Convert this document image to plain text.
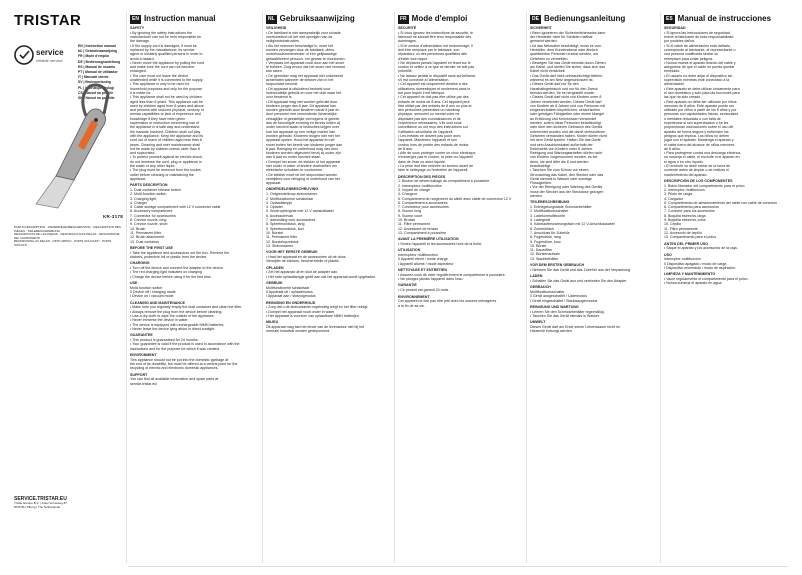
TRISTAR
service
reliable service

EN | Instruction manual

NL | Gebruiksaanwijzing

FR | Mode d'emploi

DE | Bedienungsanleitung

ES | Manual de usuario

PT | Manual de utilizador

IT | Manuale utente

SV | Bruksanvisning

PL | Instrukcja obsługi

CS | Návod na použití

SK | Návod na použitie

KR-3178

PARTS DESCRIPTION · ONDERDELENBESCHRIJVING · DESCRIPTION DES PIÈCES · TEILEBESCHREIBUNG ·

DESCRIPCIÓN DE LAS PIEZAS · DESCRIÇÃO DAS PEÇAS · DESCRIZIONE DEI COMPONENTI ·

BESKRIVNING AV DELAR · OPIS CZĘŚCI · POPIS SOUČÁSTÍ · POPIS SÚČASTÍ

SERVICE.TRISTAR.EU

Tristar Europe B.V. | Jules Verneweg 87

5015 BH Tilburg | The Netherlands

EN Instruction manual
SAFETY

• By ignoring the safety instructions the

manufacturer can not be held responsible for

the damage.

• If the supply cord is damaged, it must be

replaced by the manufacturer, its service

agent or similarly qualified persons in order to

avoid a hazard.

• Never move the appliance by pulling the cord

and make sure the cord can not become

entangled.

• The user must not leave the device

unattended while it is connected to the supply.

• This appliance is only to be used for

household purposes and only for the purpose

it is made for.

• This appliance shall not be used by children

aged less than 8 years. This appliance can be

used by children aged from 8 years and above

and persons with reduced physical, sensory or

mental capabilities or lack of experience and

knowledge if they have been given

supervision or instruction concerning use of

the appliance in a safe way and understand

the hazards involved. Children shall not play

with the appliance. Keep the appliance and its

cord out of reach of children aged less than 8

years. Cleaning and user maintenance shall

not be made by children unless older than 8

and supervised.

• To protect yourself against an electric shock,

do not immerse the cord, plug or appliance in

the water or any other liquid.

• The plug must be removed from the socket-

outlet before cleaning or maintaining the

appliance.

PARTS DESCRIPTION

1. Dust container release button

2. Multi-function switch

3. Charging light

4. Charger

5. Cable storage compartment with 12 V connector cable

6. Accessory compartment

7. Connector for accessories

8. Crevice nozzle, long

9. Crevice nozzle, short

10. Brush

11. Permanent filter

12. Brush attachment

13. Dust container

BEFORE THE FIRST USE

• Take the appliance and accessoires out the box. Remove the

stickers, protective foil or plastic from the device.

CHARGING

• Turn off the device and connect the adapter to the device.

• The red charging light indicates on charging

• Charge the device before using it for the first time.

USE

Multi-function switch

0 Device off / charging mode

I Device on / vacuum mode

CLEANING AND MAINTENANCE

• Make sure you regularly empty the dust container and clean the filter.

• Always remove the plug from the device before cleaning.

• Use a dry cloth to wipe the outside of the appliance.

• Never immerse the device in water.

• The device is equipped with rechargeable NiMH batteries.

• Never leave the device lying about in direct sunlight.

GUARANTEE

• This product is guaranteed for 24 months.

• Your guarantee is valid if the product is used in accordance with the

instructions and for the purpose for which it was created.

ENVIRONMENT

This appliance should not be put into the domestic garbage at

the end of its durability, but must be offered at a central point for the

recycling of electric and electronic domestic appliances.

SUPPORT

You can find all available information and spare parts at

service.tristar.eu!

NL Gebruiksaanwijzing
VEILIGHEID

• De fabrikant is niet aansprakelijk voor schade

voortvloeiend uit het niet opvolgen van de

veiligheidsinstructies.

• Als het netsnoer beschadigd is, moet het

worden vervangen door de fabrikant, diens

onderhoudsmedewerker of een gelijkaardige

gekwalificeerd persoon, om gevaar te voorkomen.

• Verplaats het apparaat nooit door aan het snoer

te trekken. Zorg ervoor dat het snoer niet verward

kan raken.

• De gebruiker mag het apparaat niet onbeheerd

achterlaten wanneer de stekker zich in het

stopcontact bevindt.

• Dit apparaat is uitsluitend bedoeld voor

huishoudelijk gebruik en voor het doel waar het

voor bestemd is.

• Dit apparaat mag niet worden gebruikt door

kinderen jonger dan 8 jaar. Dit apparaat kan

worden gebruikt door kinderen vanaf 8 jaar en

door personen met verminderde lichamelijke,

zintuiglijke of geestelijke vermogens of gebrek

aan de benodigde ervaring en kennis indien zij

onder toezicht staan of instructies krijgen over

hoe het apparaat op een veilige manier kan

worden gebruikt. Kinderen mogen niet met het

apparaat spelen. Houd het apparaat en het

snoer buiten het bereik van kinderen jonger dan

8 jaar. Reiniging en onderhoud mag niet door

kinderen worden uitgevoerd tenzij zij ouder zijn

dan 8 jaar en onder toezicht staan.

• Dompel het snoer, de stekker of het apparaat

niet onder in water of andere vloeistoffen om

elektrische schokken te voorkomen.

• De stekker moet uit het stopcontact worden

verwijderd voor reiniging of onderhoud van het

apparaat.

ONDERDELENBESCHRIJVING

1. Ontgrendelknop stofcontainer

2. Multifunctionele schakelaar

3. Oplaadlampje

4. Oplader

5. Snoeropbergvak met 12 V aansluitkabel

6. Accessoirevak

7. Aansluiting voor accessoires

8. Spleetmondstuk, lang

9. Spleetmondstuk, kort

10. Borstel

11. Permanent filter

12. Borstelopzetstuk

13. Stofcontainer

VOOR HET EERSTE GEBRUIK

• Haal het apparaat en de accessoires uit de doos.

Verwijder de stickers, beschermfolie of plastic.

OPLADEN

• Zet het apparaat uit en sluit de adapter aan.

• Het rode oplaadlampje geeft aan dat het apparaat wordt opgeladen.

GEBRUIK

Multifunctionele schakelaar

0 Apparaat uit / oplaadmodus

I Apparaat aan / stofzuigmodus

REINIGING EN ONDERHOUD

• Zorg dat u de stofcontainer regelmatig leegt en het filter reinigt.

• Dompel het apparaat nooit onder in water.

• Het apparaat is voorzien van oplaadbare NiMH batterijen.

MILIEU

Dit apparaat mag aan het einde van de levensduur niet bij het

normale huisafval worden gedeponeerd.

FR Mode d'emploi
SÉCURITÉ

• Si vous ignorez les instructions de sécurité, le

fabricant ne saurait être tenu responsable des

dommages.

• Si le cordon d'alimentation est endommagé, il

doit être remplacé par le fabricant, son

réparateur ou des personnes qualifiées afin

d'éviter tout risque.

• Ne déplacez jamais l'appareil en tirant sur le

cordon et veillez à ce que ce dernier ne soit pas

entortillé.

• Ne laissez jamais le dispositif sans surveillance

s'il est connecté à l'alimentation.

• Cet appareil est uniquement destiné à des

utilisations domestiques et seulement dans le

but pour lequel il est fabriqué.

• Cet appareil ne doit pas être utilisé par des

enfants de moins de 8 ans. Cet appareil peut

être utilisé par des enfants de 8 ans ou plus et

des personnes présentant un handicap

physique, sensoriel ou mental voire ne

disposant pas des connaissances et de

l'expérience nécessaires, s'ils sont sous

surveillance ou ont reçu des instructions sur

l'utilisation sécuritaire de l'appareil.

• Les enfants ne doivent pas jouer avec

l'appareil. Maintenez l'appareil et son

cordon hors de portée des enfants de moins

de 8 ans.

• Afin de vous protéger contre un choc électrique,

n'immergez pas le cordon, la prise ou l'appareil

dans de l'eau ou autre liquide.

• La prise doit être enlevée du secteur avant de

faire le nettoyage ou l'entretien de l'appareil.

DESCRIPTION DES PIÈCES

1. Bouton de déverrouillage du compartiment à poussière

2. Interrupteur multifonction

3. Voyant de charge

4. Chargeur

5. Compartiment de rangement du câble avec câble de connexion 12 V

6. Compartiment à accessoires

7. Connecteur pour accessoires

8. Suceur long

9. Suceur court

10. Brosse

11. Filtre permanent

12. Accessoire de brosse

13. Compartiment à poussière

AVANT LA PREMIÈRE UTILISATION

• Sortez l'appareil et les accessoires hors de la boîte.

UTILISATION

Interrupteur multifonction

0 Appareil éteint / mode charge

I Appareil allumé / mode aspirateur

NETTOYAGE ET ENTRETIEN

• Assurez-vous de vider régulièrement le compartiment à poussière.

• Ne plongez jamais l'appareil dans l'eau.

GARANTIE

• Ce produit est garanti 24 mois.

ENVIRONNEMENT

Cet appareil ne doit pas être jeté avec les ordures ménagères

à la fin de sa vie.

DE Bedienungsanleitung
SICHERHEIT

• Beim Ignorieren der Sicherheitshinweise kann

der Hersteller nicht für Schäden haftbar

gemacht werden.

• Ist das Netzkabel beschädigt, muss es vom

Hersteller, dem Kundendienst oder ähnlich

qualifizierten Personen ersetzt werden, um

Gefahren zu vermeiden.

• Bewegen Sie das Gerät niemals durch Ziehen

am Kabel, und stellen Sie sicher, dass sich das

Kabel nicht verwickelt.

• Das Gerät darf nicht unbeaufsichtigt bleiben,

während es am Netz angeschlossen ist.

• Dieses Gerät darf nur für den

Haushaltsgebrauch und nur für den Zweck

benutzt werden, für es hergestellt wurde.

• Dieses Gerät darf nicht von Kindern unter 8

Jahren verwendet werden. Dieses Gerät darf

von Kindern ab 8 Jahren und von Personen mit

eingeschränkten körperlichen, sensorischen

oder geistigen Fähigkeiten oder einem Mangel

an Erfahrung und Kenntnissen verwendet

werden, sofern diese Personen beaufsichtigt

oder über den sicheren Gebrauch des Geräts

unterrichtet wurden und die damit verbundenen

Gefahren verstanden haben. Kinder dürfen nicht

mit dem Gerät spielen. Halten Sie das Gerät

und sein Anschlusskabel außerhalb der

Reichweite von Kindern unter 8 Jahren.

Reinigung und Wartungsarbeiten dürfen nicht

von Kindern vorgenommen werden, es sei

denn, sie sind älter als 8 und werden

beaufsichtigt.

• Tauchen Sie zum Schutz vor einem

Stromschlag das Kabel, den Stecker oder das

Gerät niemals in Wasser oder sonstige

Flüssigkeiten.

• Vor der Reinigung oder Wartung des Geräts

muss der Stecker aus der Steckdose gezogen

werden.

TEILEBESCHREIBUNG

1. Entriegelungstaste Schmutzbehälter

2. Multifunktionsschalter

3. Ladekontrollleuchte

4. Ladegerät

5. Kabelaufbewahrungsfach mit 12 V-Anschlusskabel

6. Zubehörfach

7. Anschluss für Zubehör

8. Fugendüse, lang

9. Fugendüse, kurz

10. Bürste

11. Dauerfilter

12. Bürstenaufsatz

13. Staubbehälter

VOR DEM ERSTEN GEBRAUCH

• Nehmen Sie das Gerät und das Zubehör aus der Verpackung.

LADEN

• Schalten Sie das Gerät aus und verbinden Sie den Adapter.

GEBRAUCH

Multifunktionsschalter

0 Gerät ausgeschaltet / Lademodus

I Gerät eingeschaltet / Staubsaugermodus

REINIGUNG UND WARTUNG

• Leeren Sie den Schmutzbehälter regelmäßig.

• Tauchen Sie das Gerät niemals in Wasser.

UMWELT

Dieses Gerät darf am Ende seiner Lebensdauer nicht im

Hausmüll entsorgt werden.

ES Manual de instrucciones
SEGURIDAD

• Si ignora las instrucciones de seguridad,

exime al fabricante de toda responsabilidad

por posibles daños.

• Si el cable de alimentación está dañado,

corresponde al fabricante, al representante o

una persona cualificada similar su

reemplazo para evitar peligros.

• Nunca mueva el aparato tirando del cable y

asegúrese de que el cable no pueda quedar

enredado.

• El usuario no debe dejar el dispositivo sin

supervisión mientras esté conectado a la

alimentación.

• Este aparato se debe utilizar únicamente para

el uso doméstico y sólo para las funciones para

las que ha sido creado.

• Este aparato no debe ser utilizado por niños

menores de 8 años. Este aparato puede ser

utilizado por niños a partir de los 8 años y por

personas con capacidades físicas, sensoriales

o mentales reducidas o con falta de

experiencia si son supervisados o se les

proporcionan instrucciones sobre el uso del

aparato de forma segura y entienden los

peligros que implica. Los niños no deben

jugar con el aparato. Mantenga el aparato y

el cable fuera del alcance de niños menores

de 8 años.

• Para protegerse contra una descarga eléctrica,

no sumerja el cable, el enchufe ni el aparato en

el agua o en otro líquido.

• El enchufe se debe retirar de la toma de

corriente antes de limpiar o de realizar el

mantenimiento del aparato.

DESCRIPCIÓN DE LOS COMPONENTES

1. Botón liberador del compartimento para el polvo

2. Interruptor multifunción

3. Piloto de carga

4. Cargador

5. Compartimento de almacenamiento del cable con cable de conexión

6. Compartimento para accesorios

7. Conector para los accesorios

8. Boquilla estrecha, larga

9. Boquilla estrecha, corta

10. Cepillo

11. Filtro permanente

12. Accesorio de cepillo

13. Compartimento para el polvo

ANTES DEL PRIMER USO

• Saque el aparato y los accesorios de la caja.

USO

Interruptor multifunción

0 Dispositivo apagado / modo de carga

I Dispositivo encendido / modo de aspiración

LIMPIEZA Y MANTENIMIENTO

• Vacíe regularmente el compartimento para el polvo.

• Nunca sumerja el aparato en agua.
